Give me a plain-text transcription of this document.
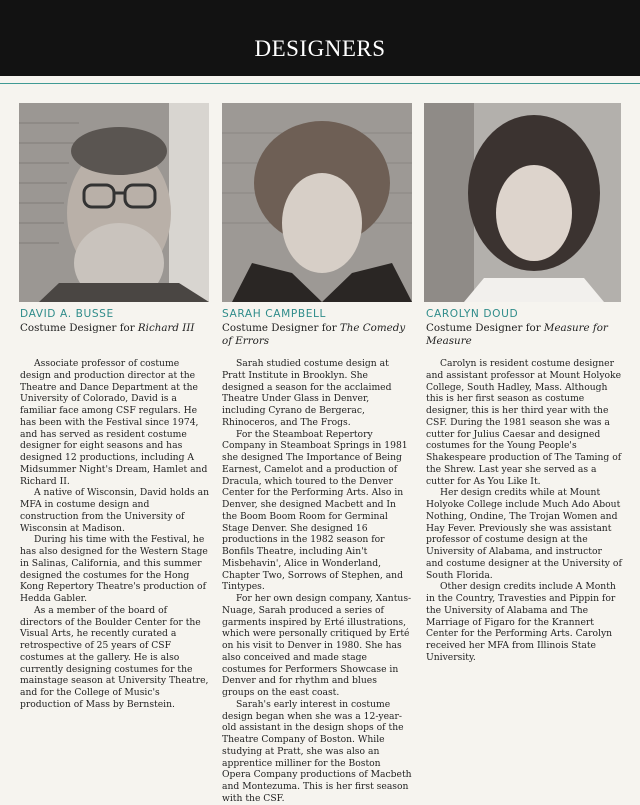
DESIGNERS
DAVID A. BUSSE	SARAH CAMPBELL	CAROLYN DOUD
Costume Designer for Richard III	Costume Designer for The Comedy of Errors
Costume Designer for Measure for Measure

Associate professor of costume design and production director at the Theatre and Dance Department at the University of Colorado, David is a familiar face among CSF regulars. He has been with the Festival since 1974, and has served as resident costume designer for eight seasons and has designed 12 productions, including A Midsummer Night's Dream, Hamlet and Richard II.

A native of Wisconsin, David holds an MFA in costume design and construction from the University of Wisconsin at Madison.

During his time with the Festival, he has also designed for the Western Stage in Salinas, California, and this summer designed the costumes for the Hong Kong Repertory Theatre's production of Hedda Gabler.

As a member of the board of directors of the Boulder Center for the Visual Arts, he recently curated a retrospective of 25 years of CSF costumes at the gallery. He is also currently designing costumes for the mainstage season at University Theatre, and for the College of Music's production of Mass by Bernstein.

Sarah studied costume design at Pratt Institute in Brooklyn. She designed a season for the acclaimed Theatre Under Glass in Denver, including Cyrano de Bergerac, Rhinoceros, and The Frogs.

For the Steamboat Repertory Company in Steamboat Springs in 1981 she designed The Importance of Being Earnest, Camelot and a production of Dracula, which toured to the Denver Center for the Performing Arts. Also in Denver, she designed Macbett and In the Boom Boom Room for Germinal Stage Denver. She designed 16 productions in the 1982 season for Bonfils Theatre, including Ain't Misbehavin', Alice in Wonderland, Chapter Two, Sorrows of Stephen, and Tintypes.

For her own design company, Xantus-Nuage, Sarah produced a series of garments inspired by Erté illustrations, which were personally critiqued by Erté on his visit to Denver in 1980. She has also conceived and made stage costumes for Performers Showcase in Denver and for rhythm and blues groups on the east coast.

Sarah's early interest in costume design began when she was a 12-year-old assistant in the design shops of the Theatre Company of Boston. While studying at Pratt, she was also an apprentice milliner for the Boston Opera Company productions of Macbeth and Montezuma. This is her first season with the CSF.

Carolyn is resident costume designer and assistant professor at Mount Holyoke College, South Hadley, Mass. Although this is her first season as costume designer, this is her third year with the CSF. During the 1981 season she was a cutter for Julius Caesar and designed costumes for the Young People's Shakespeare production of The Taming of the Shrew. Last year she served as a cutter for As You Like It.

Her design credits while at Mount Holyoke College include Much Ado About Nothing, Ondine, The Trojan Women and Hay Fever. Previously she was assistant professor of costume design at the University of Alabama, and instructor and costume designer at the University of South Florida.

Other design credits include A Month in the Country, Travesties and Pippin for the University of Alabama and The Marriage of Figaro for the Krannert Center for the Performing Arts. Carolyn received her MFA from Illinois State University.
